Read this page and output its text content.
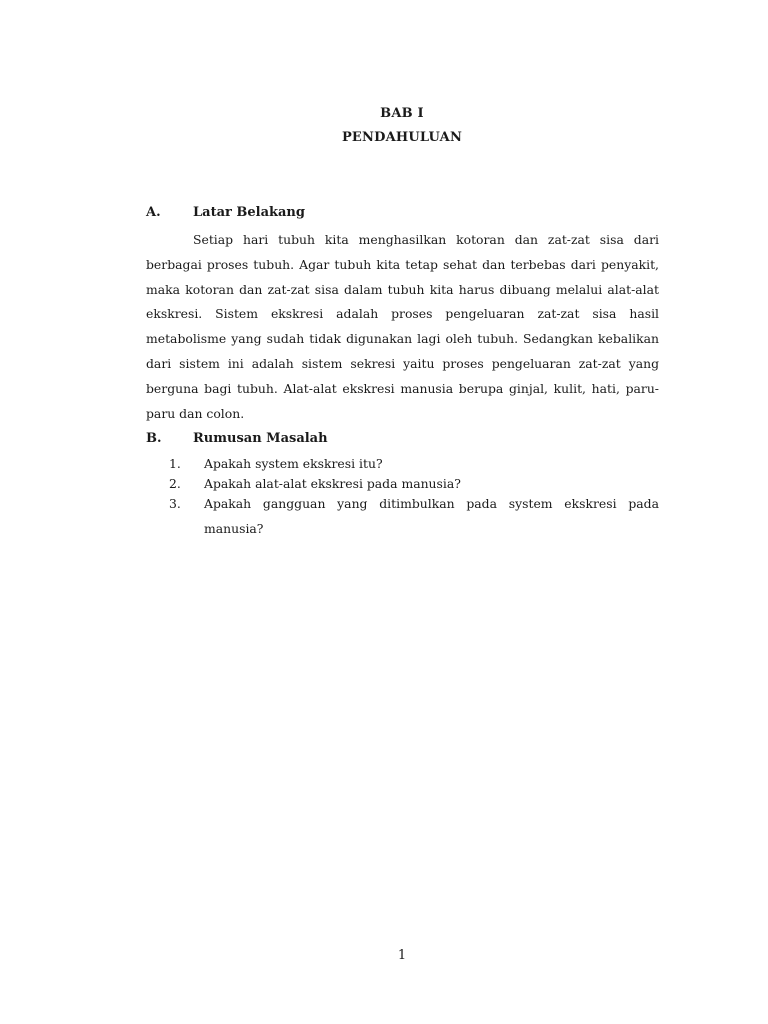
BAB I
PENDAHULUAN
A. Latar Belakang

Setiap hari tubuh kita menghasilkan kotoran dan zat-zat sisa dari berbagai proses tubuh. Agar tubuh kita tetap sehat dan terbebas dari penyakit, maka kotoran dan zat-zat sisa dalam tubuh kita harus dibuang melalui alat-alat ekskresi. Sistem ekskresi adalah proses pengeluaran zat-zat sisa hasil metabolisme yang sudah tidak digunakan lagi oleh tubuh. Sedangkan kebalikan dari sistem ini adalah sistem sekresi yaitu proses pengeluaran zat-zat yang berguna bagi tubuh. Alat-alat ekskresi manusia berupa ginjal, kulit, hati, paru-paru dan colon.

B. Rumusan Masalah
1. Apakah system ekskresi itu?
2. Apakah alat-alat ekskresi pada manusia?
3. Apakah gangguan yang ditimbulkan pada system ekskresi pada manusia?
1
